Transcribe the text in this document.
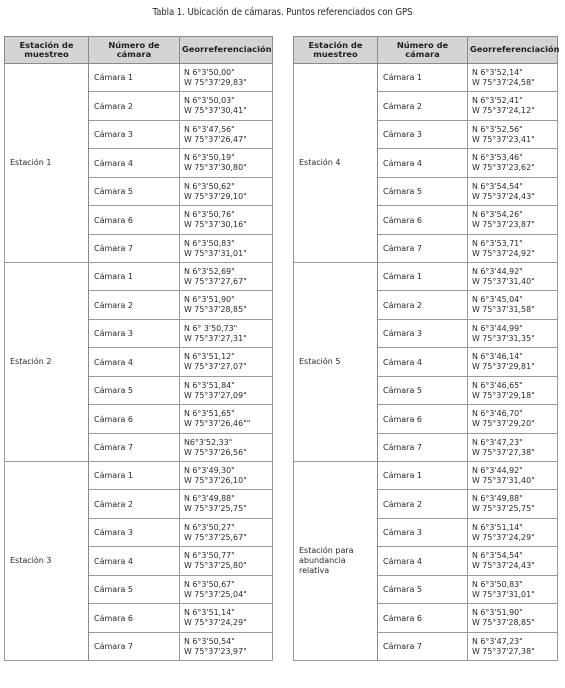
Tabla 1. Ubicación de cámaras. Puntos referenciados con GPS
Estación de muestreo	Número de cámara	Georreferenciación
Estación 1	Cámara 1	N 6°3'50,00"
W 75°37'29,83"

	Cámara 2	N 6°3'50,03"
W 75°37'30,41"

	Cámara 3	N 6°3'47,56"
W 75°37'26,47"

	Cámara 4	N 6°3'50,19"
W 75°37'30,80"

	Cámara 5	N 6°3'50,62"
W 75°37'29,10"

	Cámara 6	N 6°3'50,76"
W 75°37'30,16"

	Cámara 7	N 6°3'50,83"
W 75°37'31,01"

Estación 2	Cámara 1	N 6°3'52,69"
W 75°37'27,67"

	Cámara 2	N 6°3'51,90"
W 75°37'28,85"

	Cámara 3	N 6° 3'50,73"
W 75°37'27,31"

	Cámara 4	N 6°3'51,12"
W 75°37'27,07"

	Cámara 5	N 6°3'51,84"
W 75°37'27,09"

	Cámara 6	N 6°3'51,65"
W 75°37'26,46""

	Cámara 7	N6°3'52,33"
W 75°37'26,56"

Estación 3	Cámara 1	N 6°3'49,30"
W 75°37'26,10"

	Cámara 2	N 6°3'49,88"
W 75°37'25,75"

	Cámara 3	N 6°3'50,27"
W 75°37'25,67"

	Cámara 4	N 6°3'50,77"
W 75°37'25,80"

	Cámara 5	N 6°3'50,67"
W 75°37'25,04"

	Cámara 6	N 6°3'51,14"
W 75°37'24,29"

	Cámara 7	N 6°3'50,54"
W 75°37'23,97"
Estación de muestreo	Número de cámara	Georreferenciación
Estación 4	Cámara 1	N 6°3'52,14"
W 75°37'24,58"

	Cámara 2	N 6°3'52,41"
W 75°37'24,12"

	Cámara 3	N 6°3'52,56"
W 75°37'23,41"

	Cámara 4	N 6°3'53,46"
W 75°37'23,62"

	Cámara 5	N 6°3'54,54"
W 75°37'24,43"

	Cámara 6	N 6°3'54,26"
W 75°37'23,87"

	Cámara 7	N 6°3'53,71"
W 75°37'24,92"

Estación 5	Cámara 1	N 6°3'44,92"
W 75°37'31,40"

	Cámara 2	N 6°3'45,04"
W 75°37'31,58"

	Cámara 3	N 6°3'44,99"
W 75°37'31,35"

	Cámara 4	N 6°3'46,14"
W 75°37'29,81"

	Cámara 5	N 6°3'46,65"
W 75°37'29,18"

	Cámara 6	N 6°3'46,70"
W 75°37'29,20"

	Cámara 7	N 6°3'47,23"
W 75°37'27,38"

Estación para abundancia relativa	Cámara 1	N 6°3'44,92"
W 75°37'31,40"

	Cámara 2	N 6°3'49,88"
W 75°37'25,75"

	Cámara 3	N 6°3'51,14"
W 75°37'24,29"

	Cámara 4	N 6°3'54,54"
W 75°37'24,43"

	Cámara 5	N 6°3'50,83"
W 75°37'31,01"

	Cámara 6	N 6°3'51,90"
W 75°37'28,85"

	Cámara 7	N 6°3'47,23"
W 75°37'27,38"
